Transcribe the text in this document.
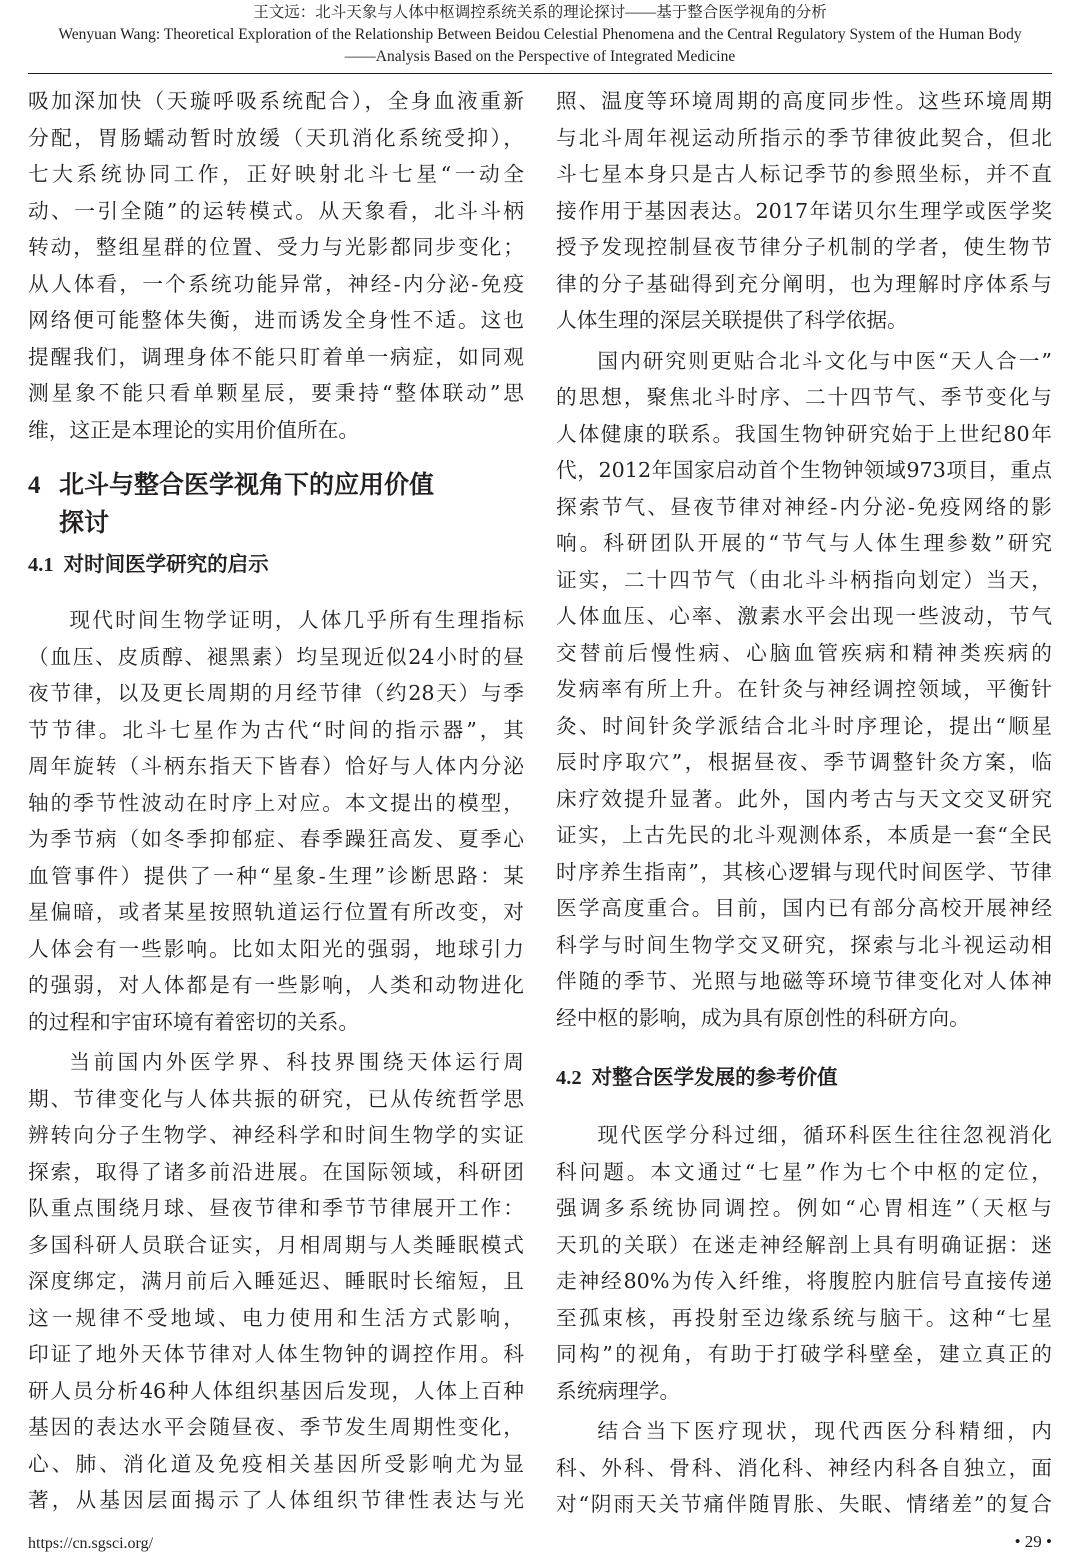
王文远：北斗天象与人体中枢调控系统关系的理论探讨——基于整合医学视角的分析
Wenyuan Wang: Theoretical Exploration of the Relationship Between Beidou Celestial Phenomena and the Central Regulatory System of the Human Body
——Analysis Based on the Perspective of Integrated Medicine
吸加深加快（天璇呼吸系统配合），全身血液重新
分配，胃肠蠕动暂时放缓（天玑消化系统受抑），
七大系统协同工作，正好映射北斗七星“一动全
动、一引全随”的运转模式。从天象看，北斗斗柄
转动，整组星群的位置、受力与光影都同步变化；
从人体看，一个系统功能异常，神经-内分泌-免疫
网络便可能整体失衡，进而诱发全身性不适。这也
提醒我们，调理身体不能只盯着单一病症，如同观
测星象不能只看单颗星辰，要秉持“整体联动”思
维，这正是本理论的实用价值所在。
4 北斗与整合医学视角下的应用价值
探讨
4.1 对时间医学研究的启示
现代时间生物学证明，人体几乎所有生理指标
（血压、皮质醇、褪黑素）均呈现近似24小时的昼
夜节律，以及更长周期的月经节律（约28天）与季
节节律。北斗七星作为古代“时间的指示器”，其
周年旋转（斗柄东指天下皆春）恰好与人体内分泌
轴的季节性波动在时序上对应。本文提出的模型，
为季节病（如冬季抑郁症、春季躁狂高发、夏季心
血管事件）提供了一种“星象-生理”诊断思路：某
星偏暗，或者某星按照轨道运行位置有所改变，对
人体会有一些影响。比如太阳光的强弱，地球引力
的强弱，对人体都是有一些影响，人类和动物进化
的过程和宇宙环境有着密切的关系。
当前国内外医学界、科技界围绕天体运行周
期、节律变化与人体共振的研究，已从传统哲学思
辨转向分子生物学、神经科学和时间生物学的实证
探索，取得了诸多前沿进展。在国际领域，科研团
队重点围绕月球、昼夜节律和季节节律展开工作：
多国科研人员联合证实，月相周期与人类睡眠模式
深度绑定，满月前后入睡延迟、睡眠时长缩短，且
这一规律不受地域、电力使用和生活方式影响，
印证了地外天体节律对人体生物钟的调控作用。科
研人员分析46种人体组织基因后发现，人体上百种
基因的表达水平会随昼夜、季节发生周期性变化，
心、肺、消化道及免疫相关基因所受影响尤为显
著，从基因层面揭示了人体组织节律性表达与光
照、温度等环境周期的高度同步性。这些环境周期
与北斗周年视运动所指示的季节律彼此契合，但北
斗七星本身只是古人标记季节的参照坐标，并不直
接作用于基因表达。2017年诺贝尔生理学或医学奖
授予发现控制昼夜节律分子机制的学者，使生物节
律的分子基础得到充分阐明，也为理解时序体系与
人体生理的深层关联提供了科学依据。
国内研究则更贴合北斗文化与中医“天人合一”
的思想，聚焦北斗时序、二十四节气、季节变化与
人体健康的联系。我国生物钟研究始于上世纪80年
代，2012年国家启动首个生物钟领域973项目，重点
探索节气、昼夜节律对神经-内分泌-免疫网络的影
响。科研团队开展的“节气与人体生理参数”研究
证实，二十四节气（由北斗斗柄指向划定）当天，
人体血压、心率、激素水平会出现一些波动，节气
交替前后慢性病、心脑血管疾病和精神类疾病的
发病率有所上升。在针灸与神经调控领域，平衡针
灸、时间针灸学派结合北斗时序理论，提出“顺星
辰时序取穴”，根据昼夜、季节调整针灸方案，临
床疗效提升显著。此外，国内考古与天文交叉研究
证实，上古先民的北斗观测体系，本质是一套“全民
时序养生指南”，其核心逻辑与现代时间医学、节律
医学高度重合。目前，国内已有部分高校开展神经
科学与时间生物学交叉研究，探索与北斗视运动相
伴随的季节、光照与地磁等环境节律变化对人体神
经中枢的影响，成为具有原创性的科研方向。
4.2 对整合医学发展的参考价值
现代医学分科过细，循环科医生往往忽视消化
科问题。本文通过“七星”作为七个中枢的定位，
强调多系统协同调控。例如“心胃相连”（天枢与
天玑的关联）在迷走神经解剖上具有明确证据：迷
走神经80%为传入纤维，将腹腔内脏信号直接传递
至孤束核，再投射至边缘系统与脑干。这种“七星
同构”的视角，有助于打破学科壁垒，建立真正的
系统病理学。
结合当下医疗现状，现代西医分科精细，内
科、外科、骨科、消化科、神经内科各自独立，面
对“阴雨天关节痛伴随胃胀、失眠、情绪差”的复合
https://cn.sgsci.org/	• 29 •
